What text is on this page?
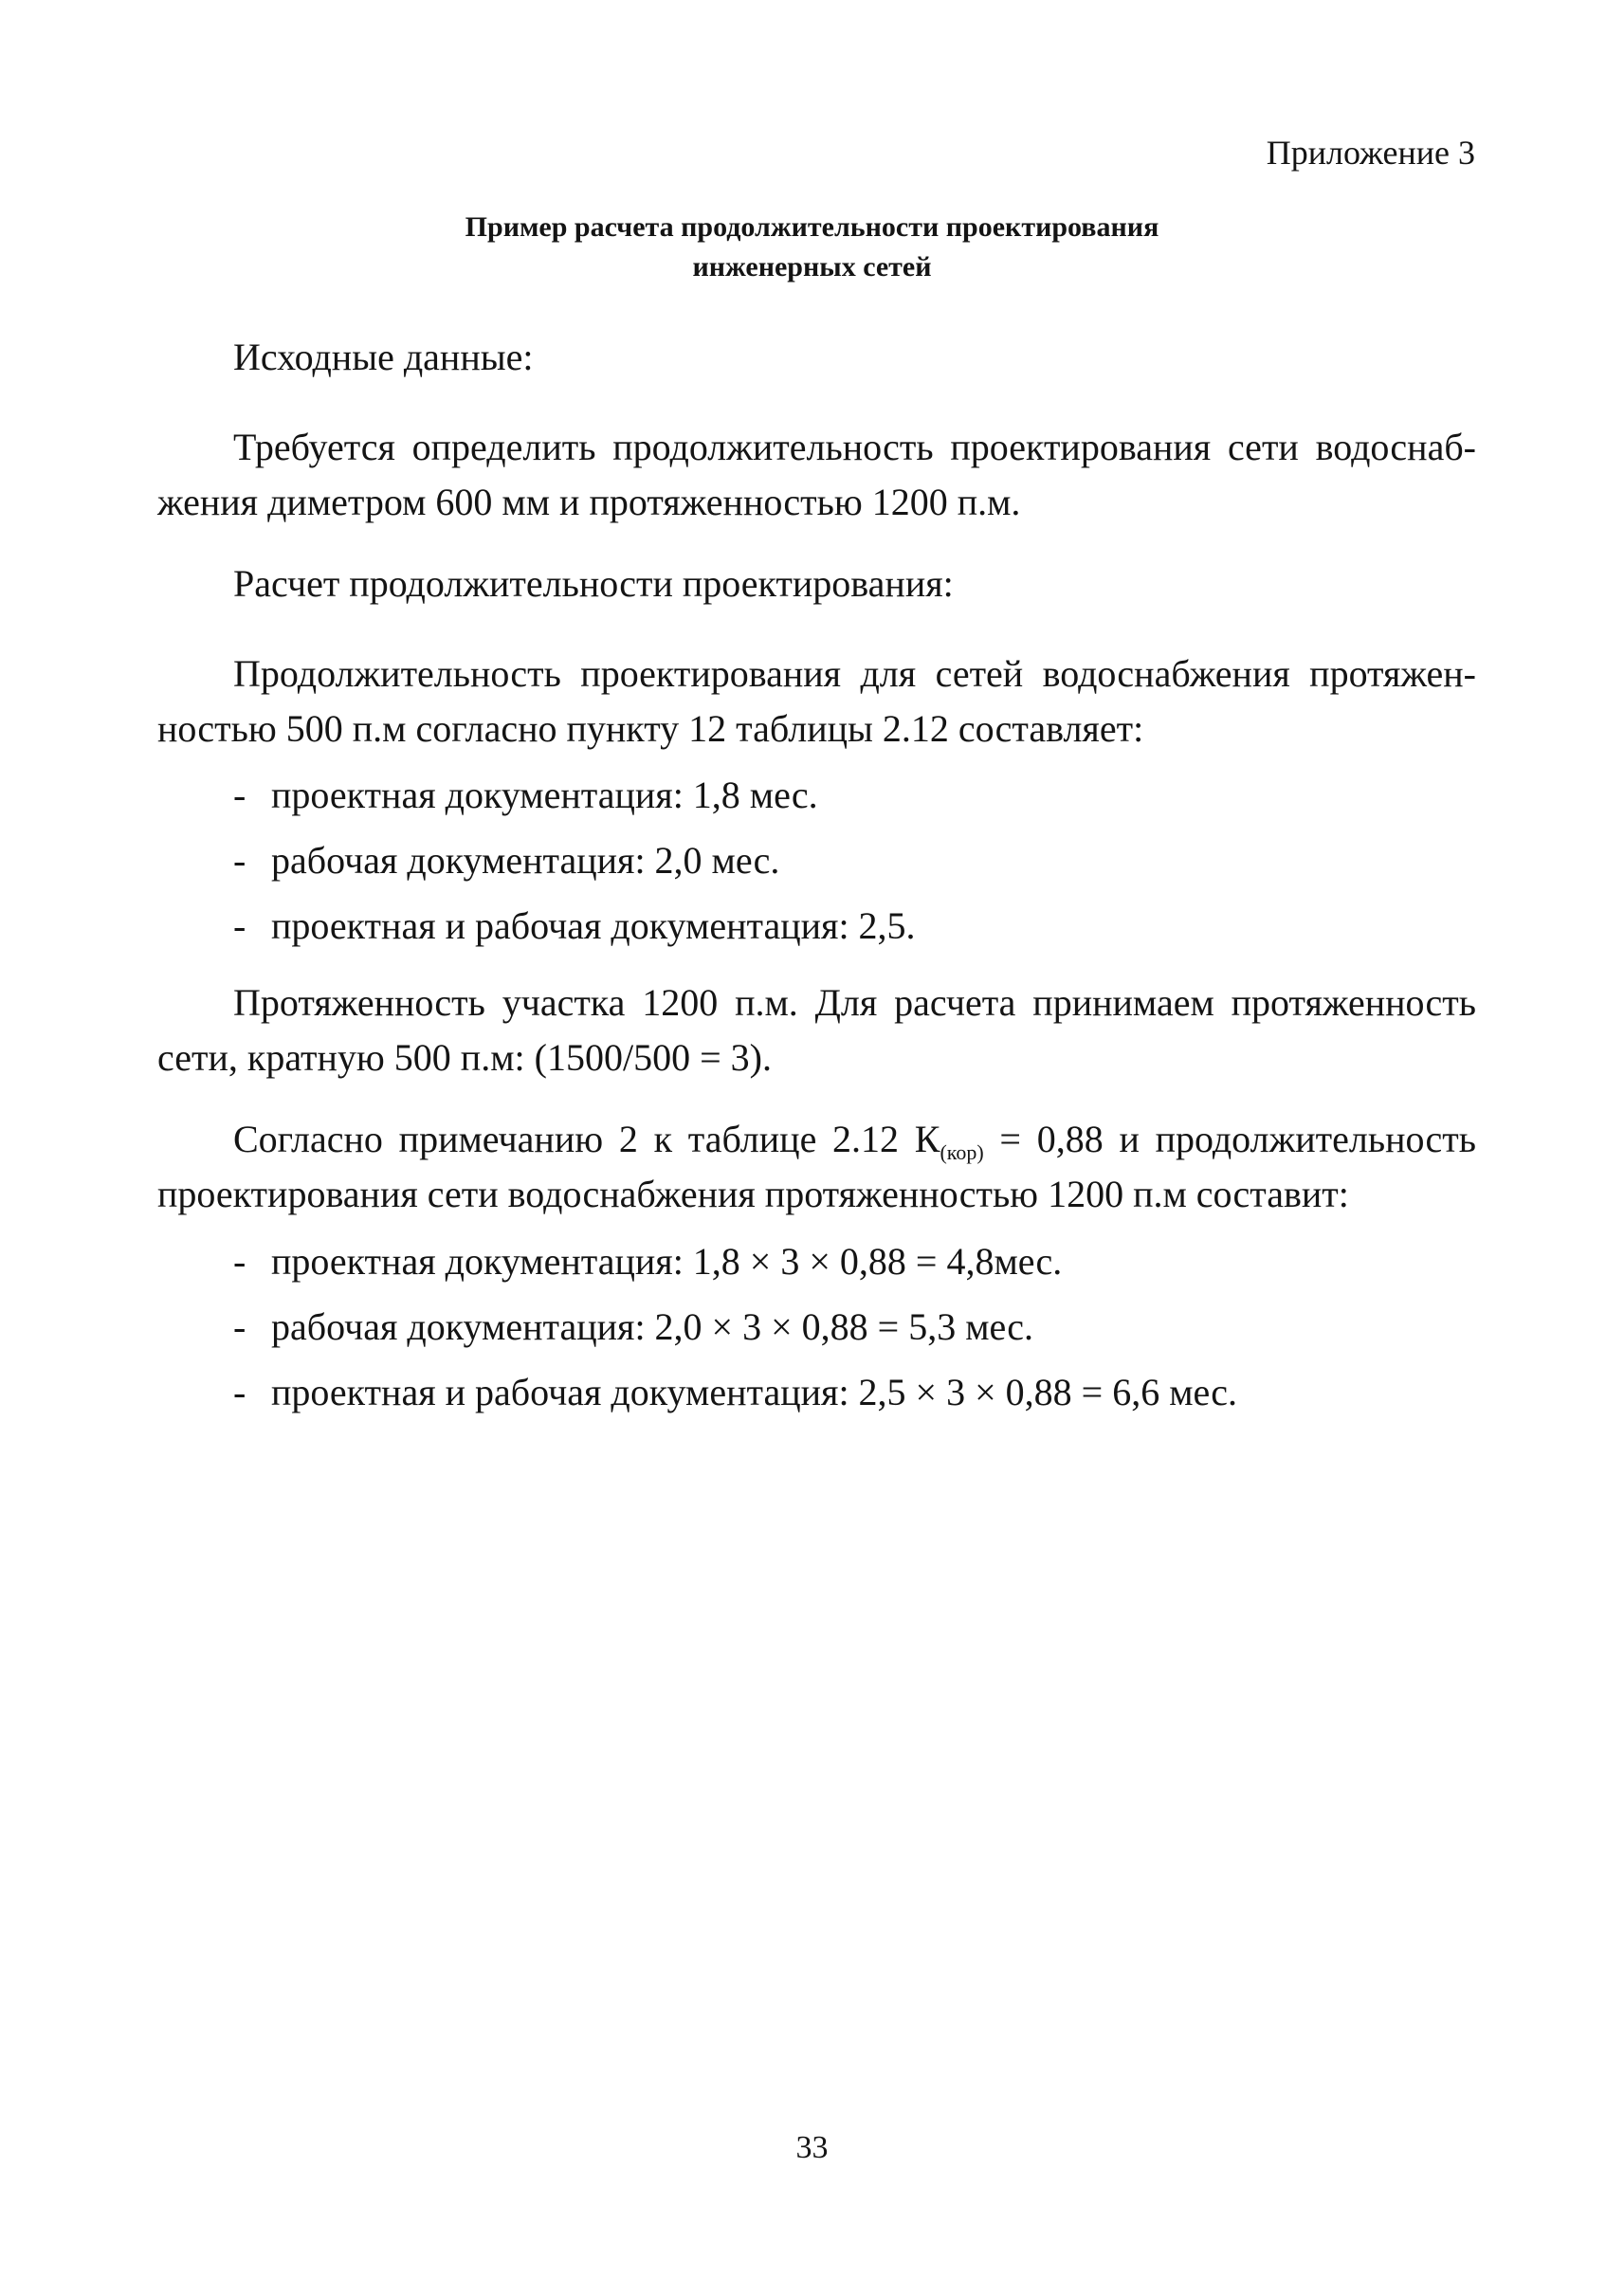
Приложение 3
Пример расчета продолжительности проектирования
инженерных сетей
Исходные данные:
Требуется определить продолжительность проектирования сети водоснаб-
жения диметром 600 мм и протяженностью 1200 п.м.
Расчет продолжительности проектирования:
Продолжительность проектирования для сетей водоснабжения протяжен-
ностью 500 п.м согласно пункту 12 таблицы 2.12 составляет:
- проектная документация: 1,8 мес.
- рабочая документация: 2,0 мес.
- проектная и рабочая документация: 2,5.
Протяженность участка 1200 п.м. Для расчета принимаем протяженность
сети, кратную 500 п.м: (1500/500 = 3).
Согласно примечанию 2 к таблице 2.12 $К_{(кор)} = 0,88$ и продолжительность
проектирования сети водоснабжения протяженностью 1200 п.м составит:
- проектная документация: 1,8 × 3 × 0,88 = 4,8мес.
- рабочая документация: 2,0 × 3 × 0,88 = 5,3 мес.
- проектная и рабочая документация: 2,5 × 3 × 0,88 = 6,6 мес.
33
